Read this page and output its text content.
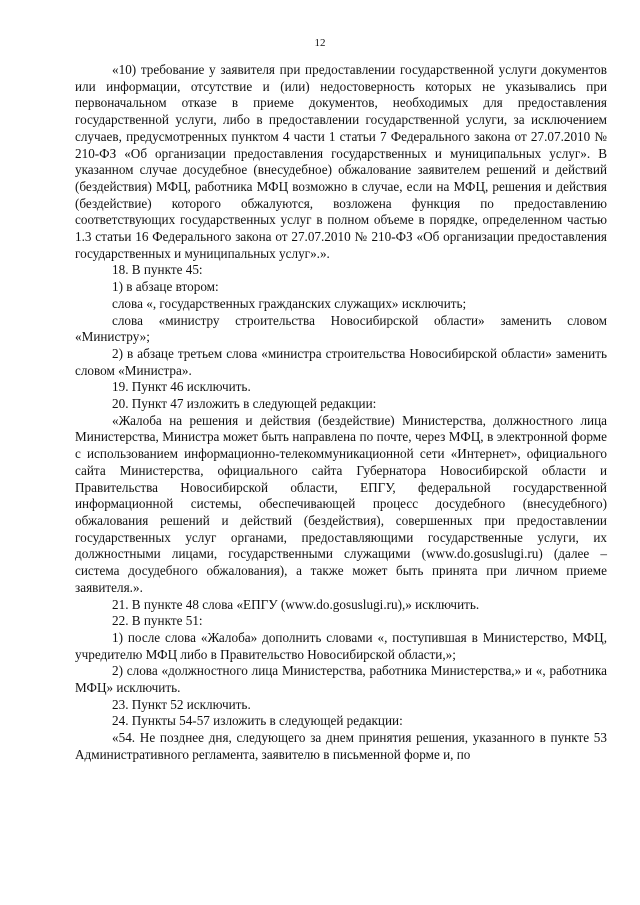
12

«10) требование у заявителя при предоставлении государственной услуги документов или информации, отсутствие и (или) недостоверность которых не указывались при первоначальном отказе в приеме документов, необходимых для предоставления государственной услуги, либо в предоставлении государственной услуги, за исключением случаев, предусмотренных пунктом 4 части 1 статьи 7 Федерального закона от 27.07.2010 № 210-ФЗ «Об организации предоставления государственных и муниципальных услуг». В указанном случае досудебное (внесудебное) обжалование заявителем решений и действий (бездействия) МФЦ, работника МФЦ возможно в случае, если на МФЦ, решения и действия (бездействие) которого обжалуются, возложена функция по предоставлению соответствующих государственных услуг в полном объеме в порядке, определенном частью 1.3 статьи 16 Федерального закона от 27.07.2010 № 210-ФЗ «Об организации предоставления государственных и муниципальных услуг».».

18. В пункте 45:

1) в абзаце втором:

слова «, государственных гражданских служащих» исключить;

слова «министру строительства Новосибирской области» заменить словом «Министру»;

2) в абзаце третьем слова «министра строительства Новосибирской области» заменить словом «Министра».

19. Пункт 46 исключить.

20. Пункт 47 изложить в следующей редакции:

«Жалоба на решения и действия (бездействие) Министерства, должностного лица Министерства, Министра может быть направлена по почте, через МФЦ, в электронной форме с использованием информационно-телекоммуникационной сети «Интернет», официального сайта Министерства, официального сайта Губернатора Новосибирской области и Правительства Новосибирской области, ЕПГУ, федеральной государственной информационной системы, обеспечивающей процесс досудебного (внесудебного) обжалования решений и действий (бездействия), совершенных при предоставлении государственных услуг органами, предоставляющими государственные услуги, их должностными лицами, государственными служащими (www.do.gosuslugi.ru) (далее – система досудебного обжалования), а также может быть принята при личном приеме заявителя.».

21. В пункте 48 слова «ЕПГУ (www.do.gosuslugi.ru),» исключить.

22. В пункте 51:

1) после слова «Жалоба» дополнить словами «, поступившая в Министерство, МФЦ, учредителю МФЦ либо в Правительство Новосибирской области,»;

2) слова «должностного лица Министерства, работника Министерства,» и «, работника МФЦ» исключить.

23. Пункт 52 исключить.

24. Пункты 54-57 изложить в следующей редакции:

«54. Не позднее дня, следующего за днем принятия решения, указанного в пункте 53 Административного регламента, заявителю в письменной форме и, по
